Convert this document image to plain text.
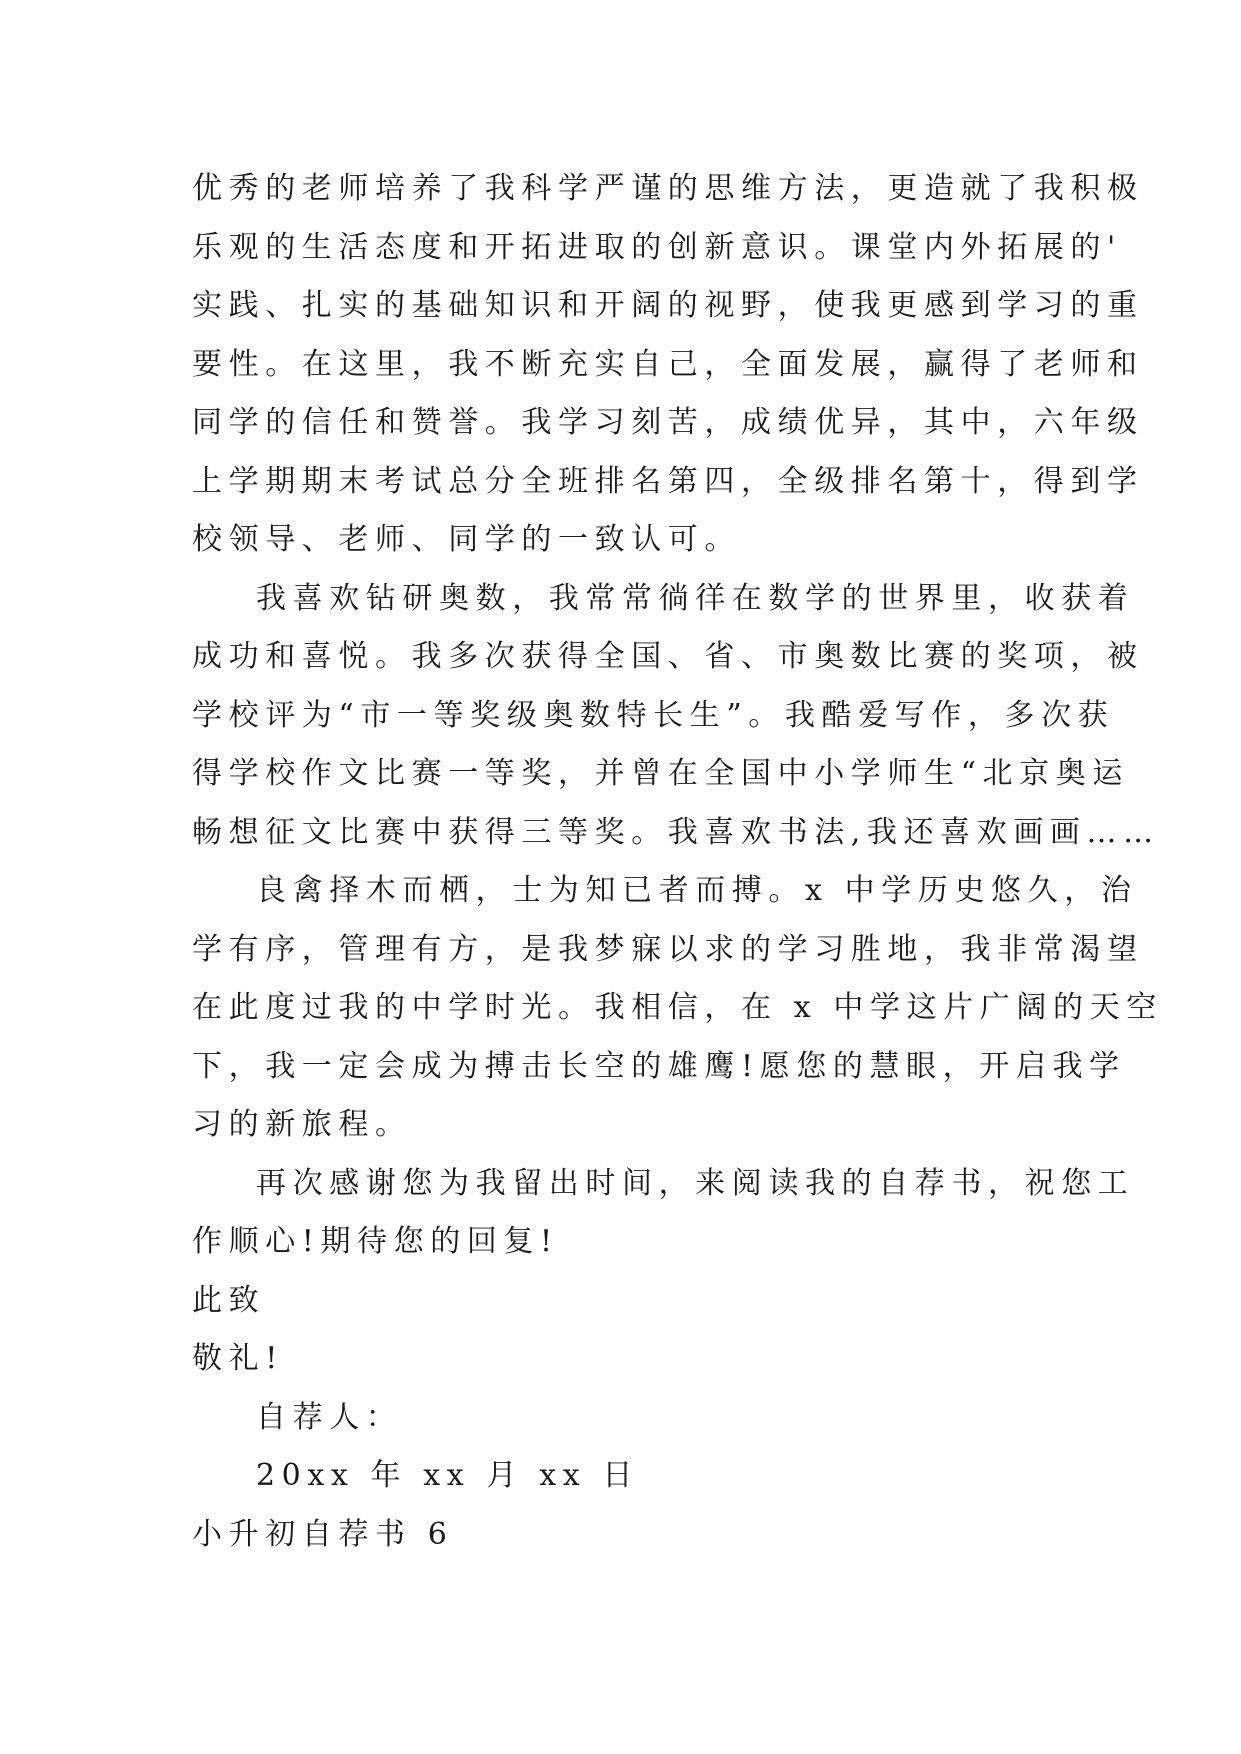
优秀的老师培养了我科学严谨的思维方法，更造就了我积极
乐观的生活态度和开拓进取的创新意识。课堂内外拓展的'
实践、扎实的基础知识和开阔的视野，使我更感到学习的重
要性。在这里，我不断充实自己，全面发展，赢得了老师和
同学的信任和赞誉。我学习刻苦，成绩优异，其中，六年级
上学期期末考试总分全班排名第四，全级排名第十，得到学
校领导、老师、同学的一致认可。
我喜欢钻研奥数，我常常徜徉在数学的世界里，收获着
成功和喜悦。我多次获得全国、省、市奥数比赛的奖项，被
学校评为“市一等奖级奥数特长生”。我酷爱写作，多次获
得学校作文比赛一等奖，并曾在全国中小学师生“北京奥运
畅想征文比赛中获得三等奖。我喜欢书法,我还喜欢画画……
良禽择木而栖，士为知已者而搏。x 中学历史悠久，治
学有序，管理有方，是我梦寐以求的学习胜地，我非常渴望
在此度过我的中学时光。我相信，在 x 中学这片广阔的天空
下，我一定会成为搏击长空的雄鹰!愿您的慧眼，开启我学
习的新旅程。
再次感谢您为我留出时间，来阅读我的自荐书，祝您工
作顺心!期待您的回复!
此致
敬礼!
自荐人：
20xx 年 xx 月 xx 日
小升初自荐书 6
